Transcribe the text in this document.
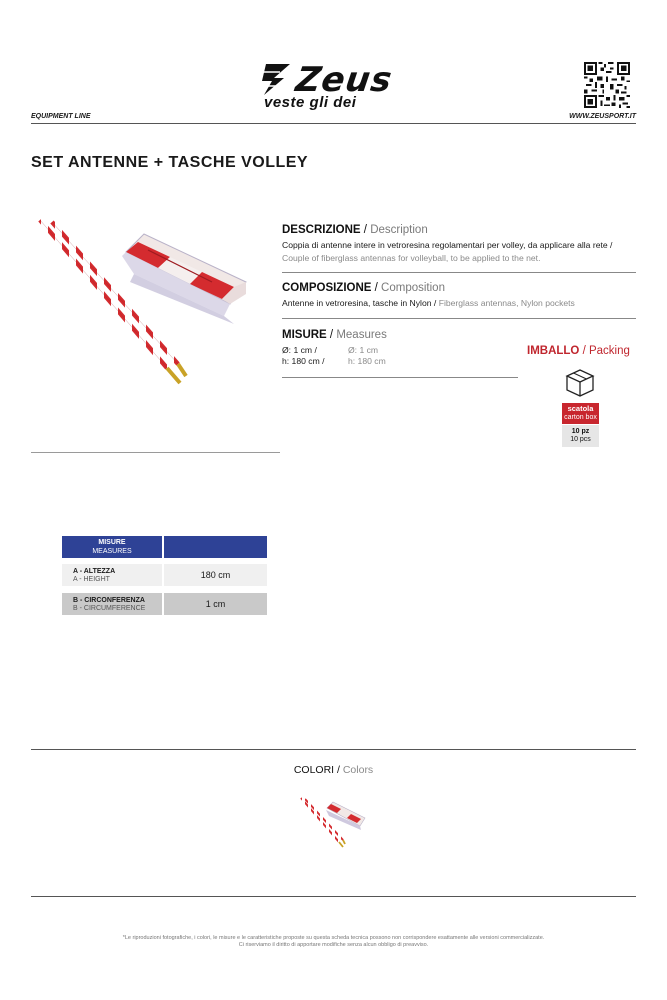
Zeus
veste gli dei
EQUIPMENT LINE	WWW.ZEUSPORT.IT
SET ANTENNE + TASCHE VOLLEY
DESCRIZIONE / Description
Coppia di antenne intere in vetroresina regolamentari per volley, da applicare alla rete /
Couple of fiberglass antennas for volleyball, to be applied to the net.
COMPOSIZIONE / Composition
Antenne in vetroresina, tasche in Nylon / Fiberglass antennas, Nylon pockets
MISURE / Measures
Ø: 1 cm /	Ø: 1 cm
h: 180 cm /	h: 180 cm
IMBALLO / Packing
scatola
carton box
10 pz
10 pcs
MISURE
MEASURES
A - ALTEZZA
A - HEIGHT	180 cm
B - CIRCONFERENZA
B - CIRCUMFERENCE	1 cm
COLORI / Colors
*Le riproduzioni fotografiche, i colori, le misure e le caratteristiche proposte su questa scheda tecnica possono non corrispondere esattamente alle versioni commercializzate.
Ci riserviamo il diritto di apportare modifiche senza alcun obbligo di preavviso.
